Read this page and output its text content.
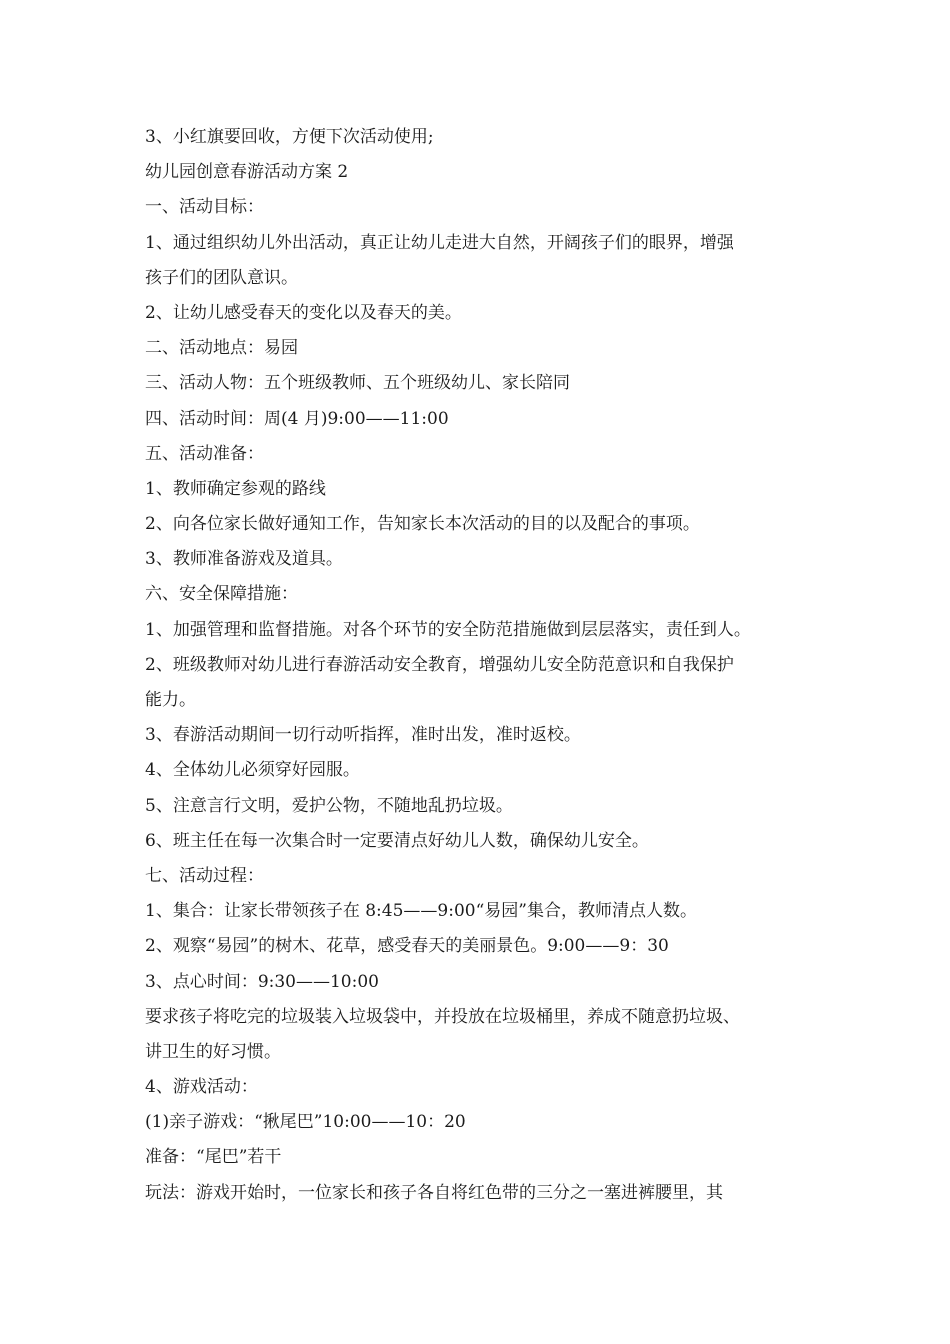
3、小红旗要回收，方便下次活动使用;
幼儿园创意春游活动方案 2
一、活动目标：
1、通过组织幼儿外出活动，真正让幼儿走进大自然，开阔孩子们的眼界，增强
孩子们的团队意识。
2、让幼儿感受春天的变化以及春天的美。
二、活动地点：易园
三、活动人物：五个班级教师、五个班级幼儿、家长陪同
四、活动时间：周(4 月)9:00——11:00
五、活动准备：
1、教师确定参观的路线
2、向各位家长做好通知工作，告知家长本次活动的目的以及配合的事项。
3、教师准备游戏及道具。
六、安全保障措施：
1、加强管理和监督措施。对各个环节的安全防范措施做到层层落实，责任到人。
2、班级教师对幼儿进行春游活动安全教育，增强幼儿安全防范意识和自我保护
能力。
3、春游活动期间一切行动听指挥，准时出发，准时返校。
4、全体幼儿必须穿好园服。
5、注意言行文明，爱护公物，不随地乱扔垃圾。
6、班主任在每一次集合时一定要清点好幼儿人数，确保幼儿安全。
七、活动过程：
1、集合：让家长带领孩子在 8:45——9:00“易园”集合，教师清点人数。
2、观察“易园”的树木、花草，感受春天的美丽景色。9:00——9：30
3、点心时间：9:30——10:00
要求孩子将吃完的垃圾装入垃圾袋中，并投放在垃圾桶里，养成不随意扔垃圾、
讲卫生的好习惯。
4、游戏活动：
(1)亲子游戏：“揪尾巴”10:00——10：20
准备：“尾巴”若干
玩法：游戏开始时，一位家长和孩子各自将红色带的三分之一塞进裤腰里，其
